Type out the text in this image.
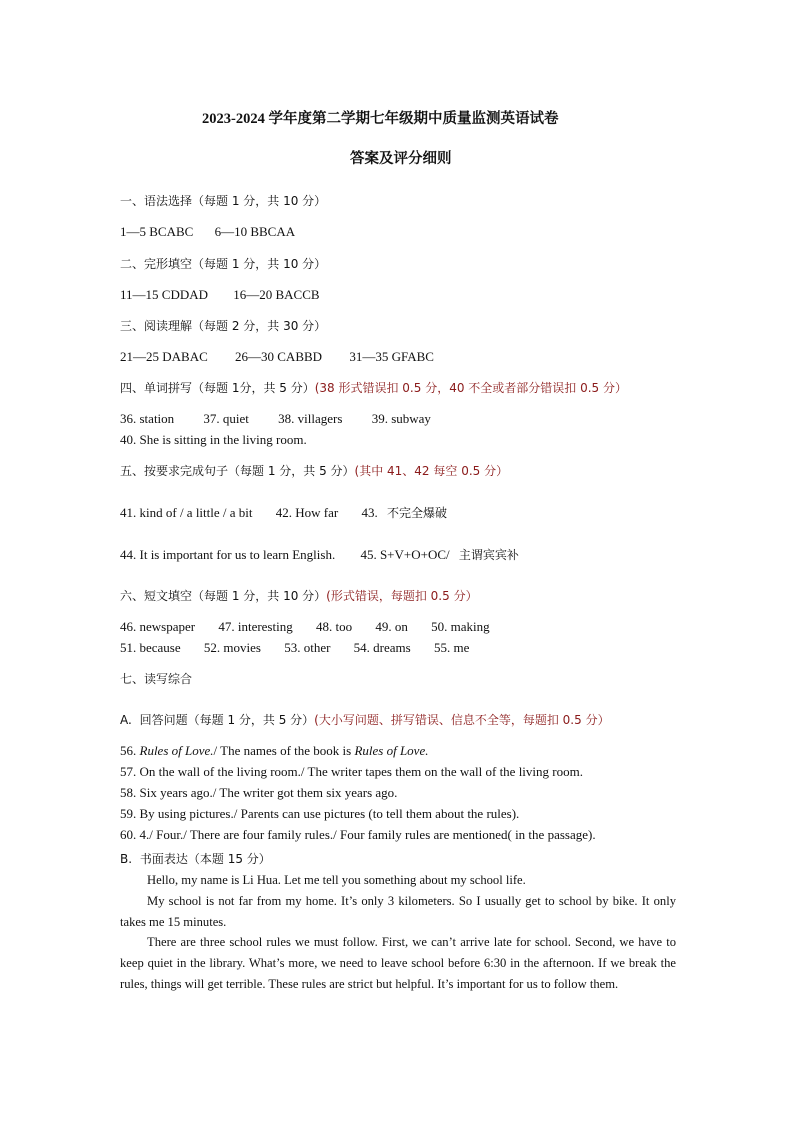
2023-2024 学年度第二学期七年级期中质量监测英语试卷
答案及评分细则
一、语法选择（每题 1 分，共 10 分）
1—5 BCABC 6—10 BBCAA
二、完形填空（每题 1 分，共 10 分）
11—15 CDDAD 16—20 BACCB
三、阅读理解（每题 2 分，共 30 分）
21—25 DABAC 26—30 CABBD 31—35 GFABC
四、单词拼写（每题 1分，共 5 分）(38 形式错误扣 0.5 分，40 不全或者部分错误扣 0.5 分）
36. station 37. quiet 38. villagers 39. subway
40. She is sitting in the living room.
五、按要求完成句子（每题 1 分，共 5 分）(其中 41、42 每空 0.5 分）
41. kind of / a little / a bit 42. How far 43. 不完全爆破
44. It is important for us to learn English. 45. S+V+O+OC/ 主谓宾宾补
六、短文填空（每题 1 分，共 10 分）(形式错误，每题扣 0.5 分）
46. newspaper 47. interesting 48. too 49. on 50. making
51. because 52. movies 53. other 54. dreams 55. me
七、读写综合
A. 回答问题（每题 1 分，共 5 分）(大小写问题、拼写错误、信息不全等，每题扣 0.5 分）
56. Rules of Love./ The names of the book is Rules of Love.
57. On the wall of the living room./ The writer tapes them on the wall of the living room.
58. Six years ago./ The writer got them six years ago.
59. By using pictures./ Parents can use pictures (to tell them about the rules).
60. 4./ Four./ There are four family rules./ Four family rules are mentioned( in the passage).
B. 书面表达（本题 15 分）

Hello, my name is Li Hua. Let me tell you something about my school life.

My school is not far from my home. It’s only 3 kilometers. So I usually get to school by bike. It only takes me 15 minutes.

There are three school rules we must follow. First, we can’t arrive late for school. Second, we have to keep quiet in the library. What’s more, we need to leave school before 6:30 in the afternoon. If we break the rules, things will get terrible. These rules are strict but helpful. It’s important for us to follow them.
